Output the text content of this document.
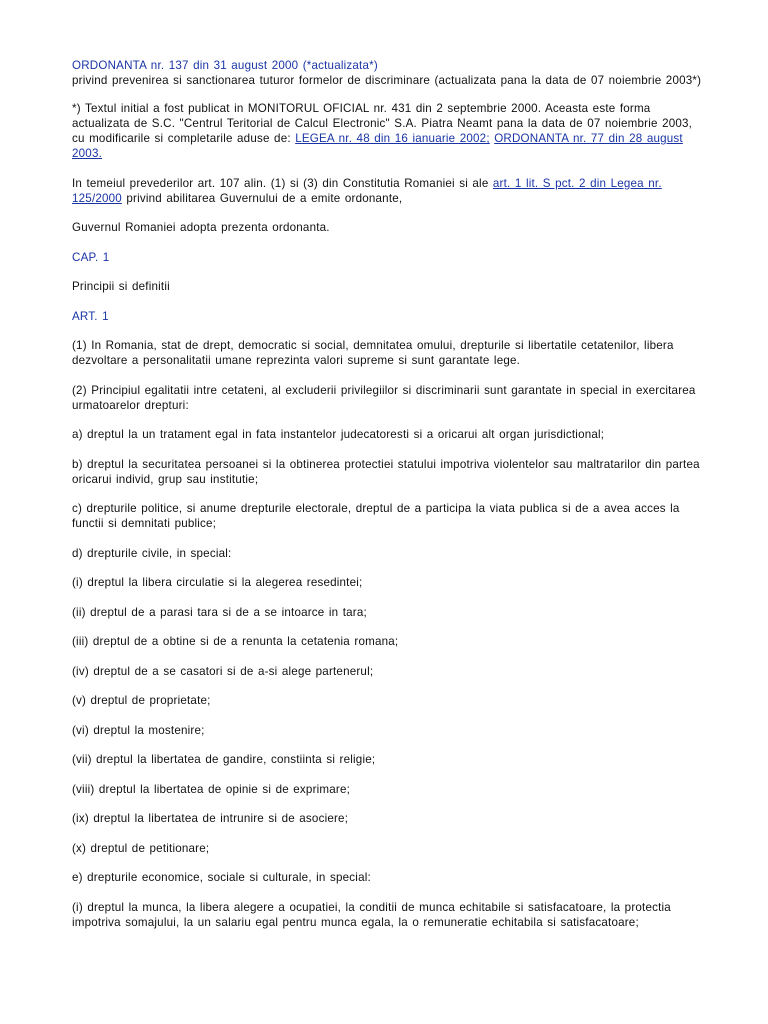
ORDONANTA nr. 137 din 31 august 2000 (*actualizata*)
privind prevenirea si sanctionarea tuturor formelor de discriminare (actualizata pana la data de 07 noiembrie 2003*)

*) Textul initial a fost publicat in MONITORUL OFICIAL nr. 431 din 2 septembrie 2000. Aceasta este forma actualizata de S.C. "Centrul Teritorial de Calcul Electronic" S.A. Piatra Neamt pana la data de 07 noiembrie 2003, cu modificarile si completarile aduse de: LEGEA nr. 48 din 16 ianuarie 2002; ORDONANTA nr. 77 din 28 august 2003.

In temeiul prevederilor art. 107 alin. (1) si (3) din Constitutia Romaniei si ale art. 1 lit. S pct. 2 din Legea nr. 125/2000 privind abilitarea Guvernului de a emite ordonante,

Guvernul Romaniei adopta prezenta ordonanta.

CAP. 1

Principii si definitii

ART. 1

(1) In Romania, stat de drept, democratic si social, demnitatea omului, drepturile si libertatile cetatenilor, libera dezvoltare a personalitatii umane reprezinta valori supreme si sunt garantate lege.

(2) Principiul egalitatii intre cetateni, al excluderii privilegiilor si discriminarii sunt garantate in special in exercitarea urmatoarelor drepturi:

a) dreptul la un tratament egal in fata instantelor judecatoresti si a oricarui alt organ jurisdictional;

b) dreptul la securitatea persoanei si la obtinerea protectiei statului impotriva violentelor sau maltratarilor din partea oricarui individ, grup sau institutie;

c) drepturile politice, si anume drepturile electorale, dreptul de a participa la viata publica si de a avea acces la functii si demnitati publice;

d) drepturile civile, in special:

(i) dreptul la libera circulatie si la alegerea resedintei;

(ii) dreptul de a parasi tara si de a se intoarce in tara;

(iii) dreptul de a obtine si de a renunta la cetatenia romana;

(iv) dreptul de a se casatori si de a-si alege partenerul;

(v) dreptul de proprietate;

(vi) dreptul la mostenire;

(vii) dreptul la libertatea de gandire, constiinta si religie;

(viii) dreptul la libertatea de opinie si de exprimare;

(ix) dreptul la libertatea de intrunire si de asociere;

(x) dreptul de petitionare;

e) drepturile economice, sociale si culturale, in special:

(i) dreptul la munca, la libera alegere a ocupatiei, la conditii de munca echitabile si satisfacatoare, la protectia impotriva somajului, la un salariu egal pentru munca egala, la o remuneratie echitabila si satisfacatoare;
